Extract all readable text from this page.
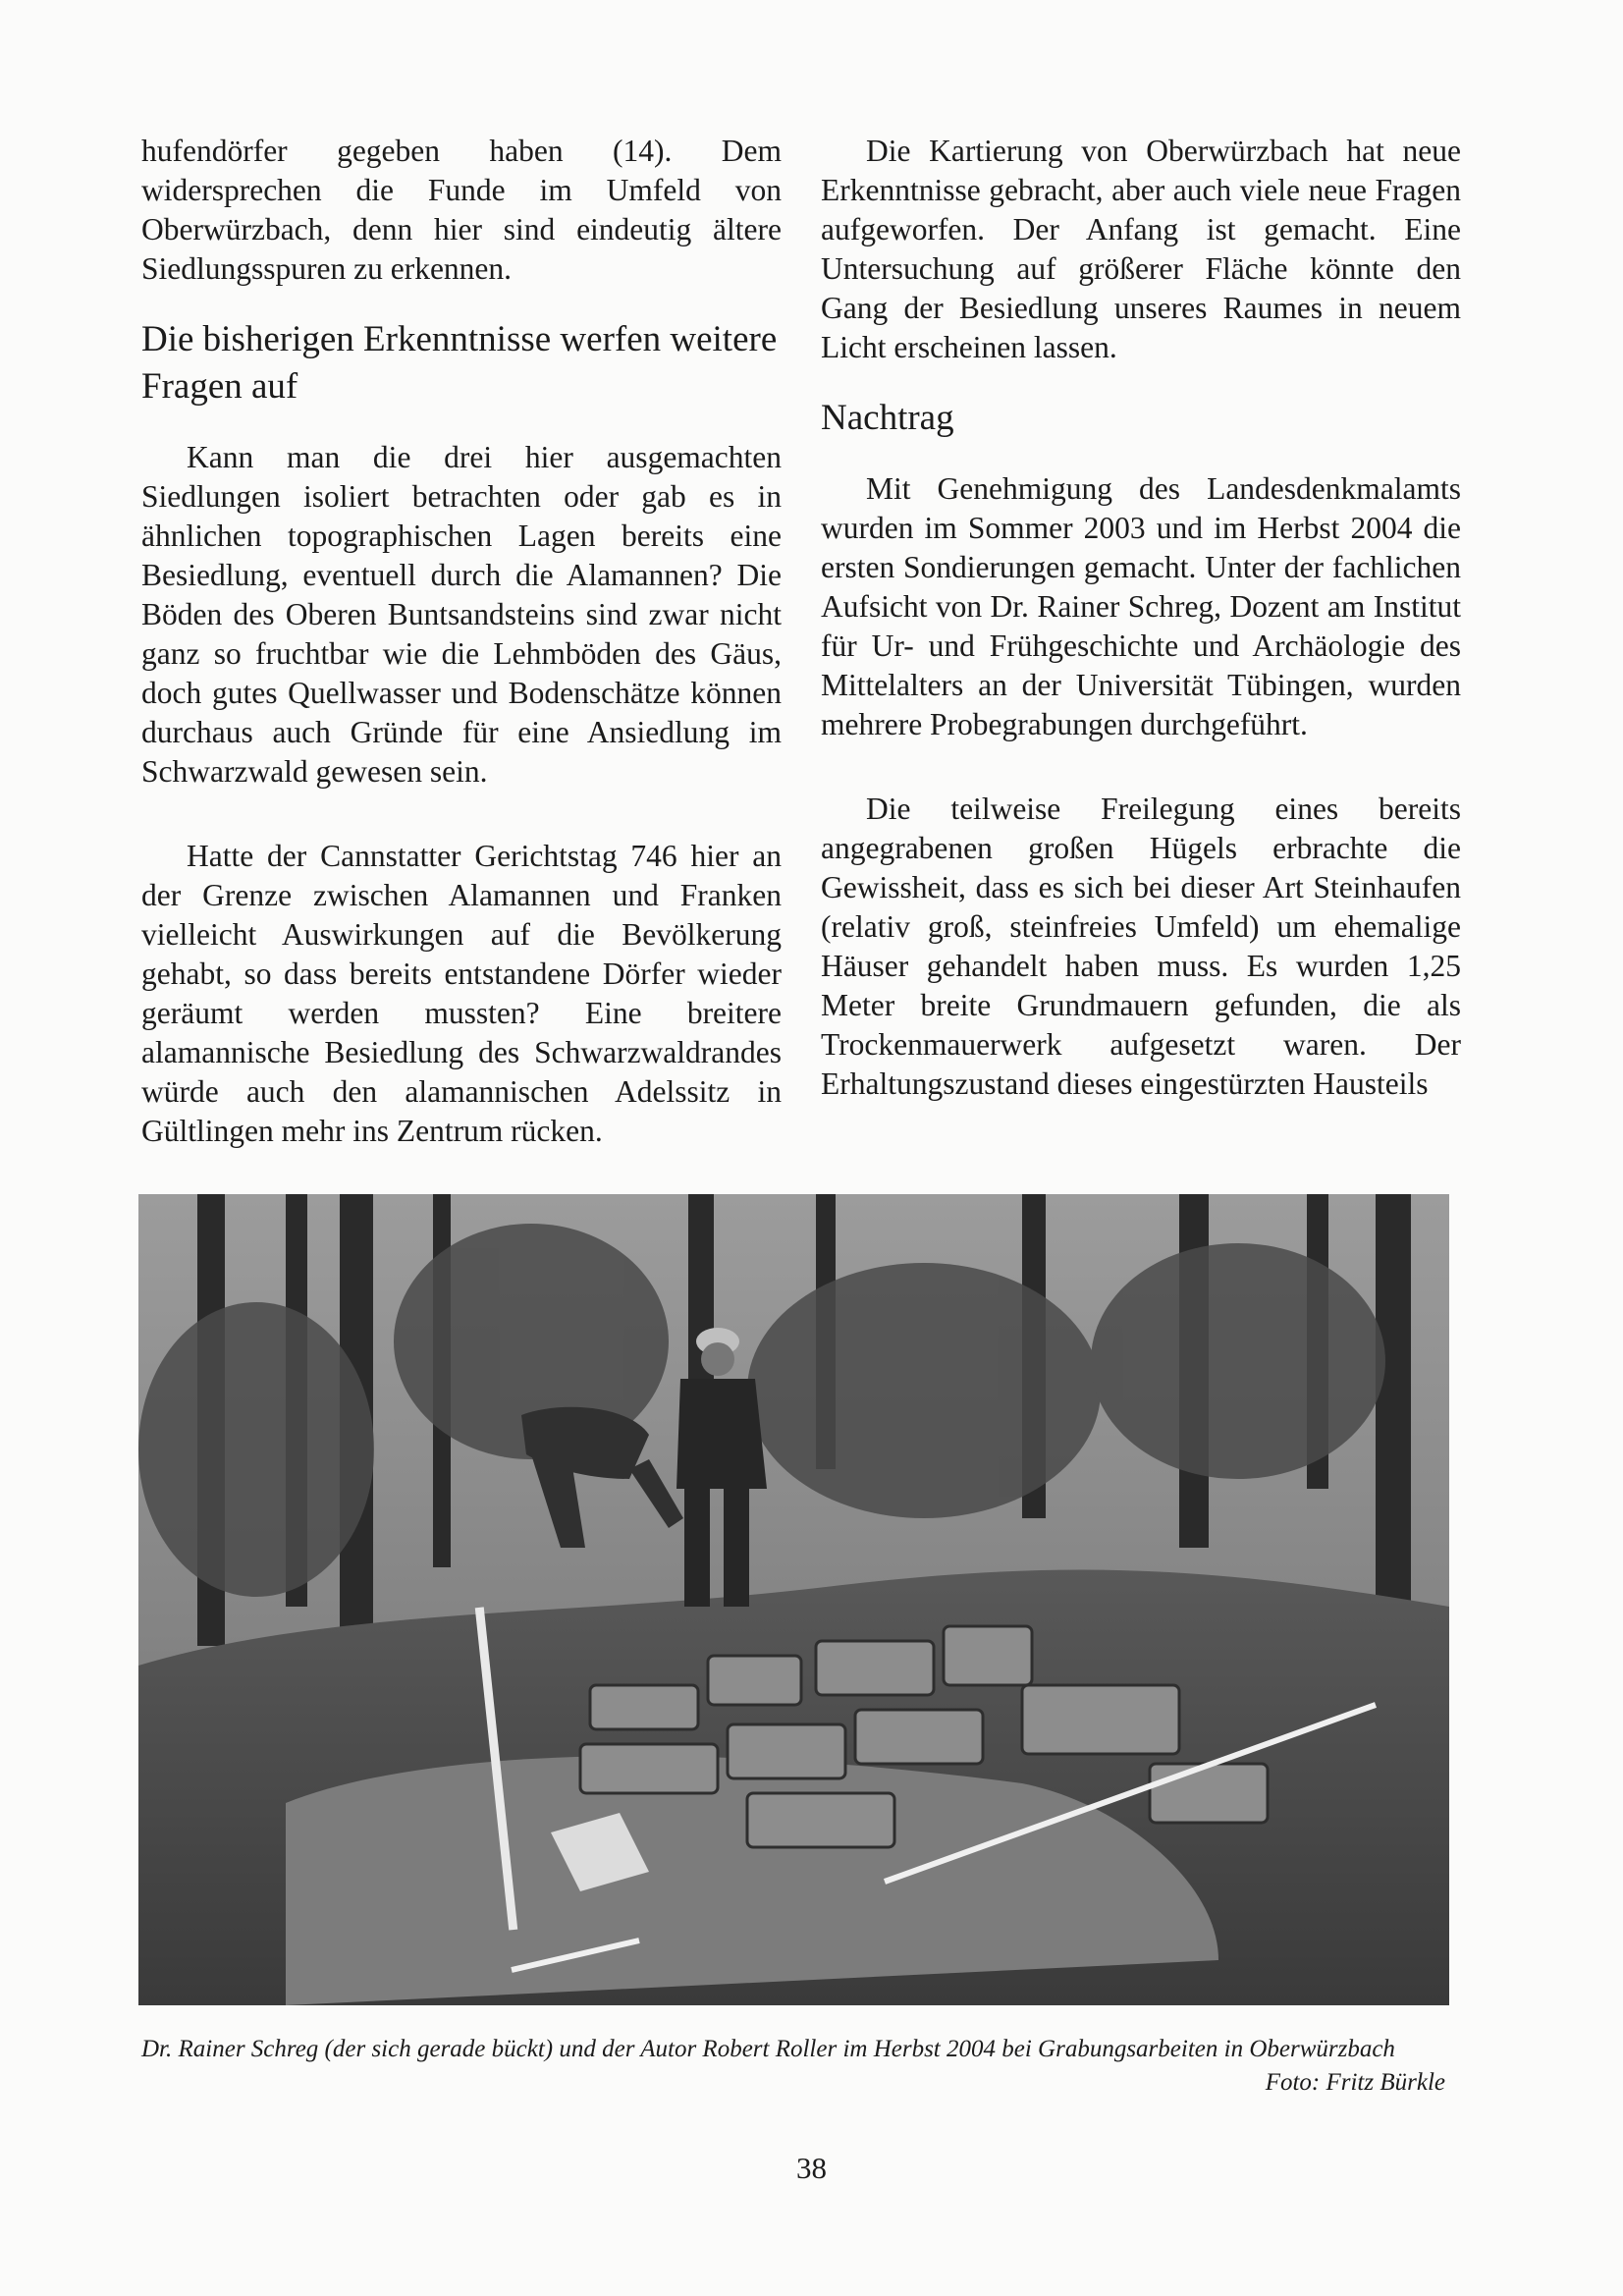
hufendörfer gegeben haben (14). Dem widersprechen die Funde im Umfeld von Oberwürzbach, denn hier sind eindeutig ältere Siedlungsspuren zu erkennen.

Die bisherigen Erkenntnisse werfen weitere Fragen auf

Kann man die drei hier ausgemachten Siedlungen isoliert betrachten oder gab es in ähnlichen topographischen Lagen bereits eine Besiedlung, eventuell durch die Alamannen? Die Böden des Oberen Buntsandsteins sind zwar nicht ganz so fruchtbar wie die Lehmböden des Gäus, doch gutes Quellwasser und Bodenschätze können durchaus auch Gründe für eine Ansiedlung im Schwarzwald gewesen sein.

Hatte der Cannstatter Gerichtstag 746 hier an der Grenze zwischen Alamannen und Franken vielleicht Auswirkungen auf die Bevölkerung gehabt, so dass bereits entstandene Dörfer wieder geräumt werden mussten? Eine breitere alamannische Besiedlung des Schwarzwaldrandes würde auch den alamannischen Adelssitz in Gültlingen mehr ins Zentrum rücken.

Die Kartierung von Oberwürzbach hat neue Erkenntnisse gebracht, aber auch viele neue Fragen aufgeworfen. Der Anfang ist gemacht. Eine Untersuchung auf größerer Fläche könnte den Gang der Besiedlung unseres Raumes in neuem Licht erscheinen lassen.

Nachtrag

Mit Genehmigung des Landesdenkmalamts wurden im Sommer 2003 und im Herbst 2004 die ersten Sondierungen gemacht. Unter der fachlichen Aufsicht von Dr. Rainer Schreg, Dozent am Institut für Ur- und Frühgeschichte und Archäologie des Mittelalters an der Universität Tübingen, wurden mehrere Probegrabungen durchgeführt.

Die teilweise Freilegung eines bereits angegrabenen großen Hügels erbrachte die Gewissheit, dass es sich bei dieser Art Steinhaufen (relativ groß, steinfreies Umfeld) um ehemalige Häuser gehandelt haben muss. Es wurden 1,25 Meter breite Grundmauern gefunden, die als Trockenmauerwerk aufgesetzt waren. Der Erhaltungszustand dieses eingestürzten Hausteils

Dr. Rainer Schreg (der sich gerade bückt) und der Autor Robert Roller im Herbst 2004 bei Grabungsarbeiten in Oberwürzbach
Foto: Fritz Bürkle
38
